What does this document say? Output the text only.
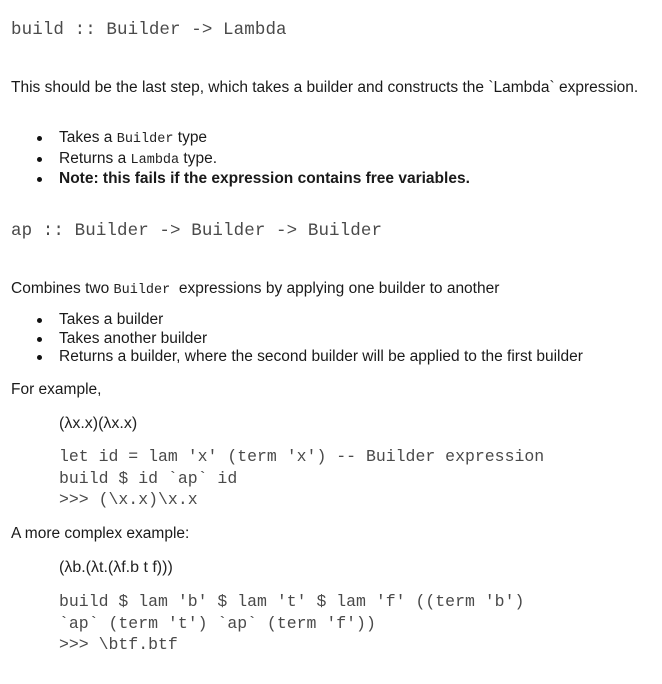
build :: Builder -> Lambda
This should be the last step, which takes a builder and constructs the `Lambda` expression.
Takes a Builder type
Returns a Lambda type.
Note: this fails if the expression contains free variables.
ap :: Builder -> Builder -> Builder
Combines two Builder  expressions by applying one builder to another
Takes a builder
Takes another builder
Returns a builder, where the second builder will be applied to the first builder
For example,
(λx.x)(λx.x)
let id = lam 'x' (term 'x') -- Builder expression
build $ id `ap` id
>>> (\x.x)\x.x
A more complex example:
(λb.(λt.(λf.b t f)))
build $ lam 'b' $ lam 't' $ lam 'f' ((term 'b')
`ap` (term 't') `ap` (term 'f'))
>>> \btf.btf
